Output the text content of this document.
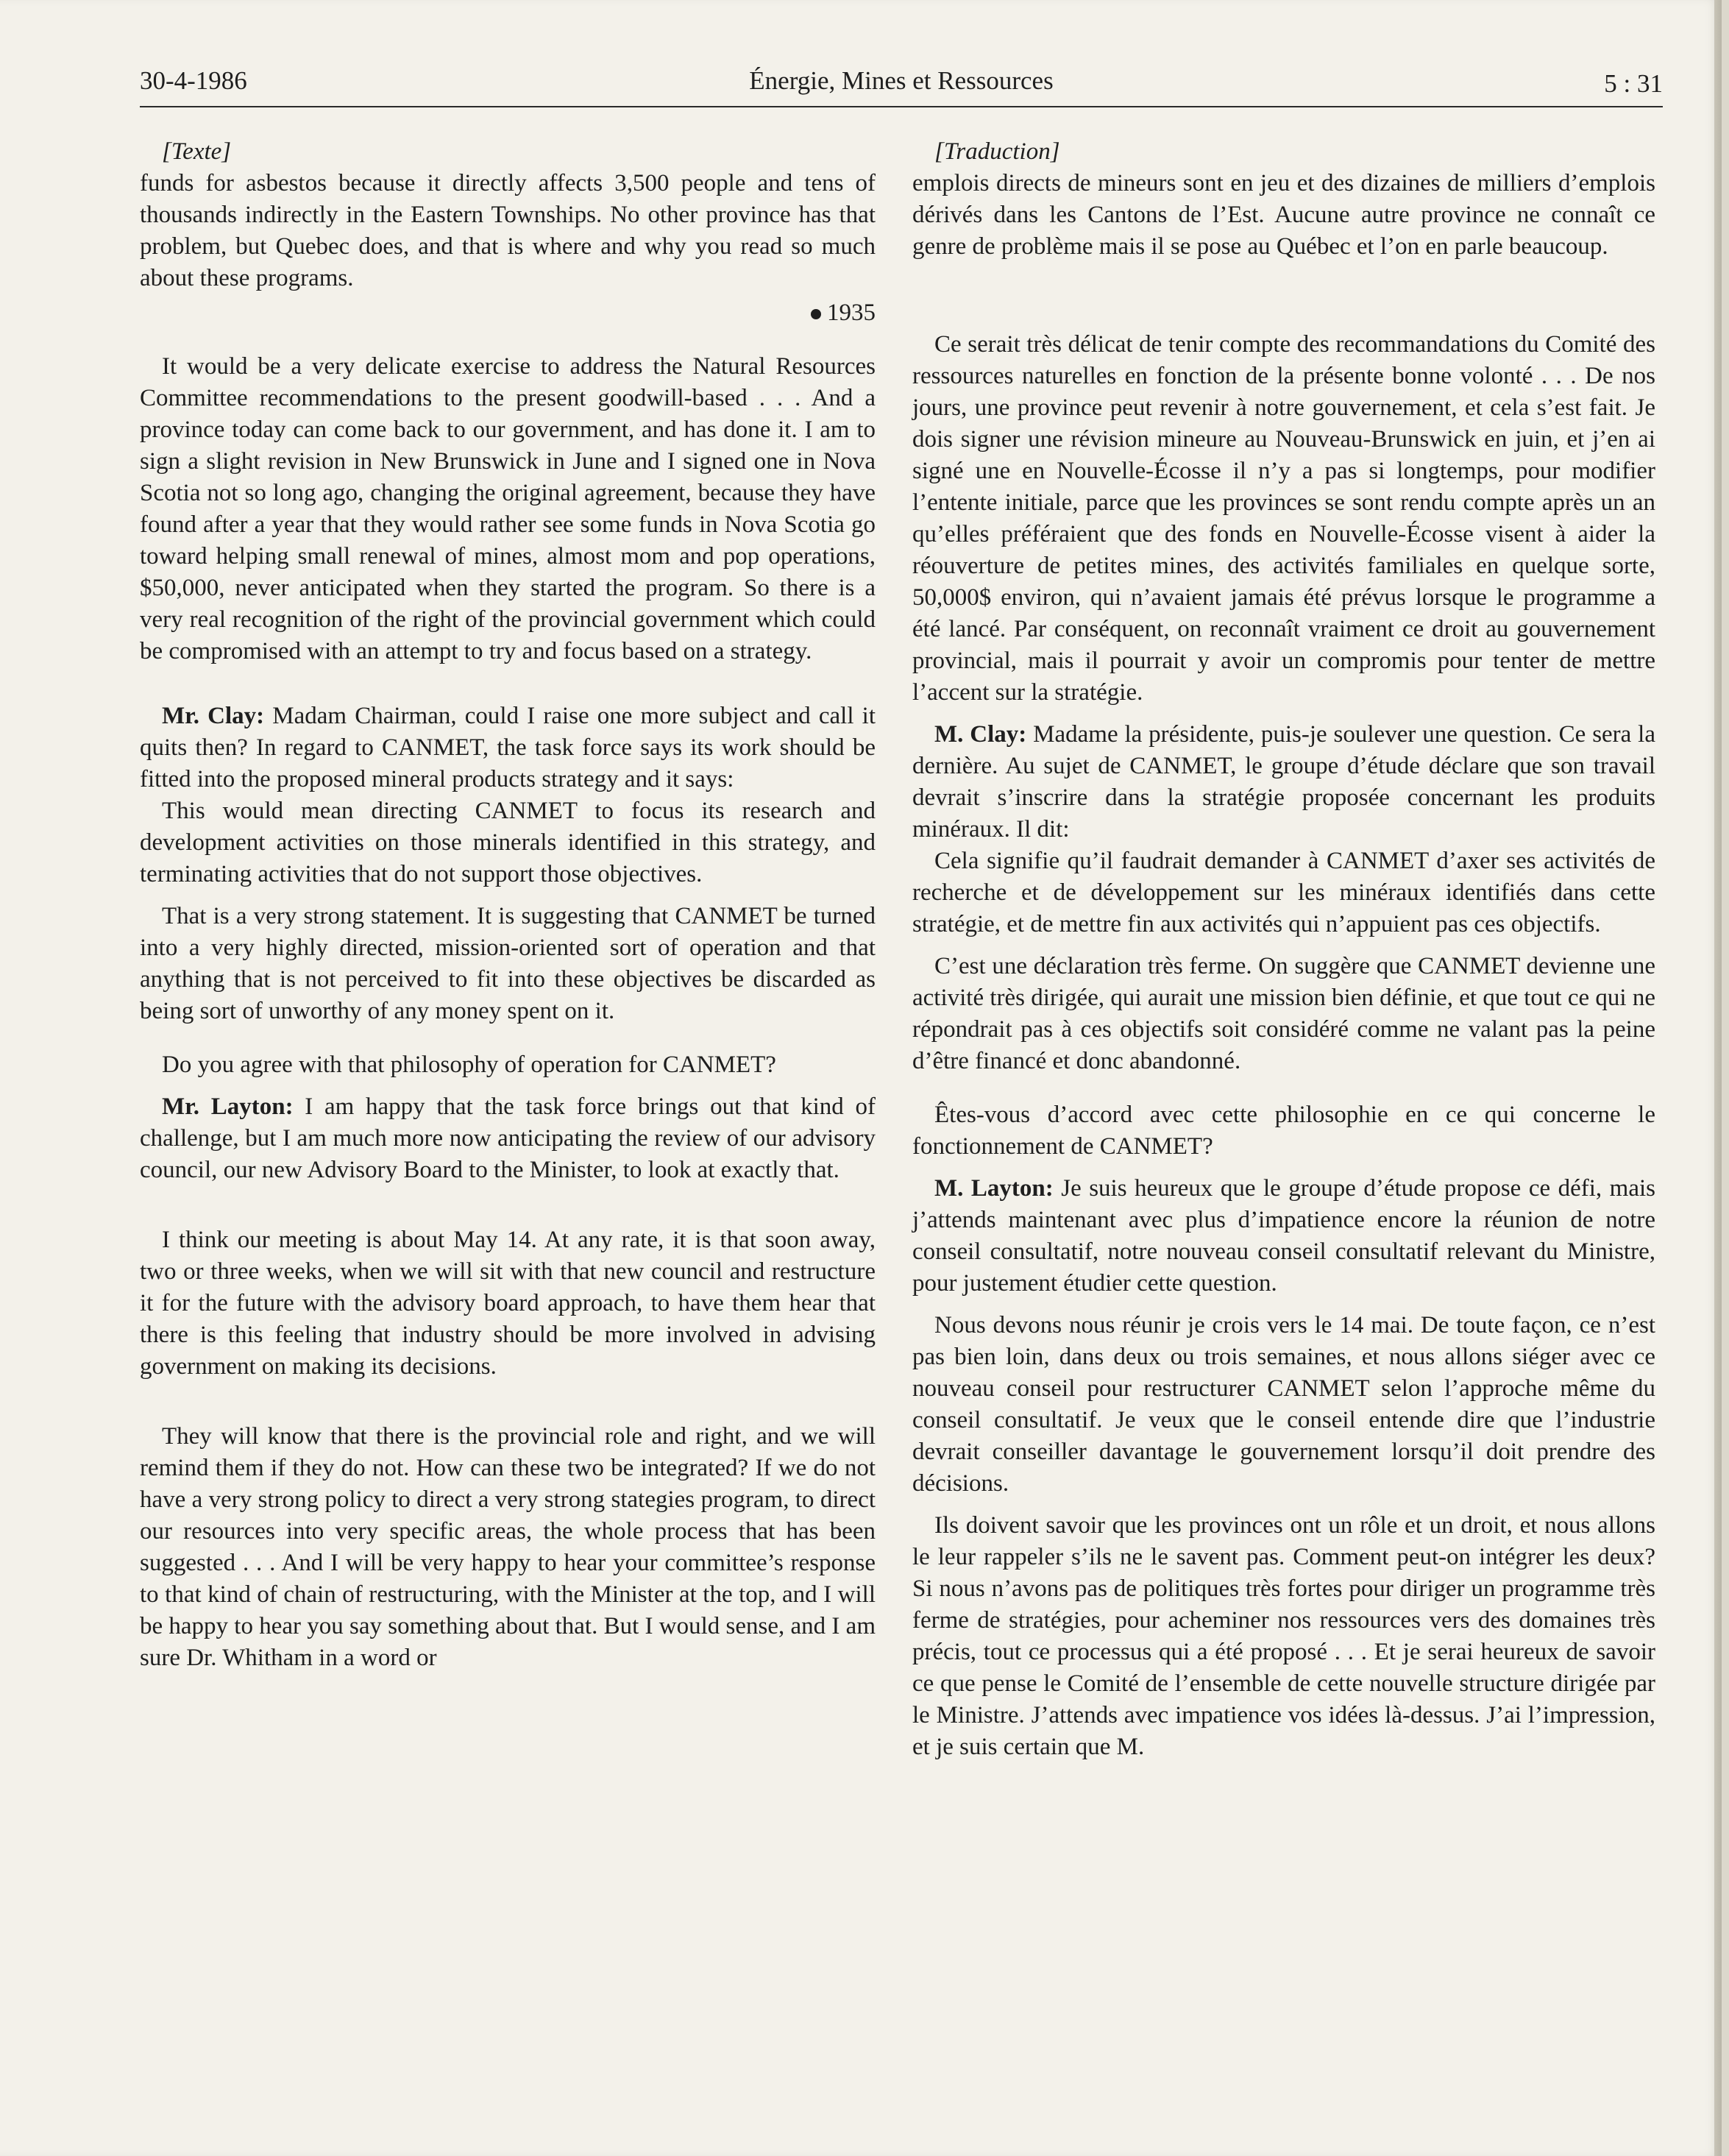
30-4-1986	Énergie, Mines et Ressources	5 : 31
[Texte]

funds for asbestos because it directly affects 3,500 people and tens of thousands indirectly in the Eastern Townships. No other province has that problem, but Quebec does, and that is where and why you read so much about these programs.

1935

It would be a very delicate exercise to address the Natural Resources Committee recommendations to the present goodwill-based . . . And a province today can come back to our government, and has done it. I am to sign a slight revision in New Brunswick in June and I signed one in Nova Scotia not so long ago, changing the original agreement, because they have found after a year that they would rather see some funds in Nova Scotia go toward helping small renewal of mines, almost mom and pop operations, $50,000, never anticipated when they started the program. So there is a very real recognition of the right of the provincial government which could be compromised with an attempt to try and focus based on a strategy.

Mr. Clay: Madam Chairman, could I raise one more subject and call it quits then? In regard to CANMET, the task force says its work should be fitted into the proposed mineral products strategy and it says:

This would mean directing CANMET to focus its research and development activities on those minerals identified in this strategy, and terminating activities that do not support those objectives.

That is a very strong statement. It is suggesting that CANMET be turned into a very highly directed, mission-oriented sort of operation and that anything that is not perceived to fit into these objectives be discarded as being sort of unworthy of any money spent on it.

Do you agree with that philosophy of operation for CANMET?

Mr. Layton: I am happy that the task force brings out that kind of challenge, but I am much more now anticipating the review of our advisory council, our new Advisory Board to the Minister, to look at exactly that.

I think our meeting is about May 14. At any rate, it is that soon away, two or three weeks, when we will sit with that new council and restructure it for the future with the advisory board approach, to have them hear that there is this feeling that industry should be more involved in advising government on making its decisions.

They will know that there is the provincial role and right, and we will remind them if they do not. How can these two be integrated? If we do not have a very strong policy to direct a very strong stategies program, to direct our resources into very specific areas, the whole process that has been suggested . . . And I will be very happy to hear your committee’s response to that kind of chain of restructuring, with the Minister at the top, and I will be happy to hear you say something about that. But I would sense, and I am sure Dr. Whitham in a word or

[Traduction]

emplois directs de mineurs sont en jeu et des dizaines de milliers d’emplois dérivés dans les Cantons de l’Est. Aucune autre province ne connaît ce genre de problème mais il se pose au Québec et l’on en parle beaucoup.

Ce serait très délicat de tenir compte des recommandations du Comité des ressources naturelles en fonction de la présente bonne volonté . . . De nos jours, une province peut revenir à notre gouvernement, et cela s’est fait. Je dois signer une révision mineure au Nouveau-Brunswick en juin, et j’en ai signé une en Nouvelle-Écosse il n’y a pas si longtemps, pour modifier l’entente initiale, parce que les provinces se sont rendu compte après un an qu’elles préféraient que des fonds en Nouvelle-Écosse visent à aider la réouverture de petites mines, des activités familiales en quelque sorte, 50,000$ environ, qui n’avaient jamais été prévus lorsque le programme a été lancé. Par conséquent, on reconnaît vraiment ce droit au gouvernement provincial, mais il pourrait y avoir un compromis pour tenter de mettre l’accent sur la stratégie.

M. Clay: Madame la présidente, puis-je soulever une question. Ce sera la dernière. Au sujet de CANMET, le groupe d’étude déclare que son travail devrait s’inscrire dans la stratégie proposée concernant les produits minéraux. Il dit:

Cela signifie qu’il faudrait demander à CANMET d’axer ses activités de recherche et de développement sur les minéraux identifiés dans cette stratégie, et de mettre fin aux activités qui n’appuient pas ces objectifs.

C’est une déclaration très ferme. On suggère que CANMET devienne une activité très dirigée, qui aurait une mission bien définie, et que tout ce qui ne répondrait pas à ces objectifs soit considéré comme ne valant pas la peine d’être financé et donc abandonné.

Êtes-vous d’accord avec cette philosophie en ce qui concerne le fonctionnement de CANMET?

M. Layton: Je suis heureux que le groupe d’étude propose ce défi, mais j’attends maintenant avec plus d’impatience encore la réunion de notre conseil consultatif, notre nouveau conseil consultatif relevant du Ministre, pour justement étudier cette question.

Nous devons nous réunir je crois vers le 14 mai. De toute façon, ce n’est pas bien loin, dans deux ou trois semaines, et nous allons siéger avec ce nouveau conseil pour restructurer CANMET selon l’approche même du conseil consultatif. Je veux que le conseil entende dire que l’industrie devrait conseiller davantage le gouvernement lorsqu’il doit prendre des décisions.

Ils doivent savoir que les provinces ont un rôle et un droit, et nous allons le leur rappeler s’ils ne le savent pas. Comment peut-on intégrer les deux? Si nous n’avons pas de politiques très fortes pour diriger un programme très ferme de stratégies, pour acheminer nos ressources vers des domaines très précis, tout ce processus qui a été proposé . . . Et je serai heureux de savoir ce que pense le Comité de l’ensemble de cette nouvelle structure dirigée par le Ministre. J’attends avec impatience vos idées là-dessus. J’ai l’impression, et je suis certain que M.
